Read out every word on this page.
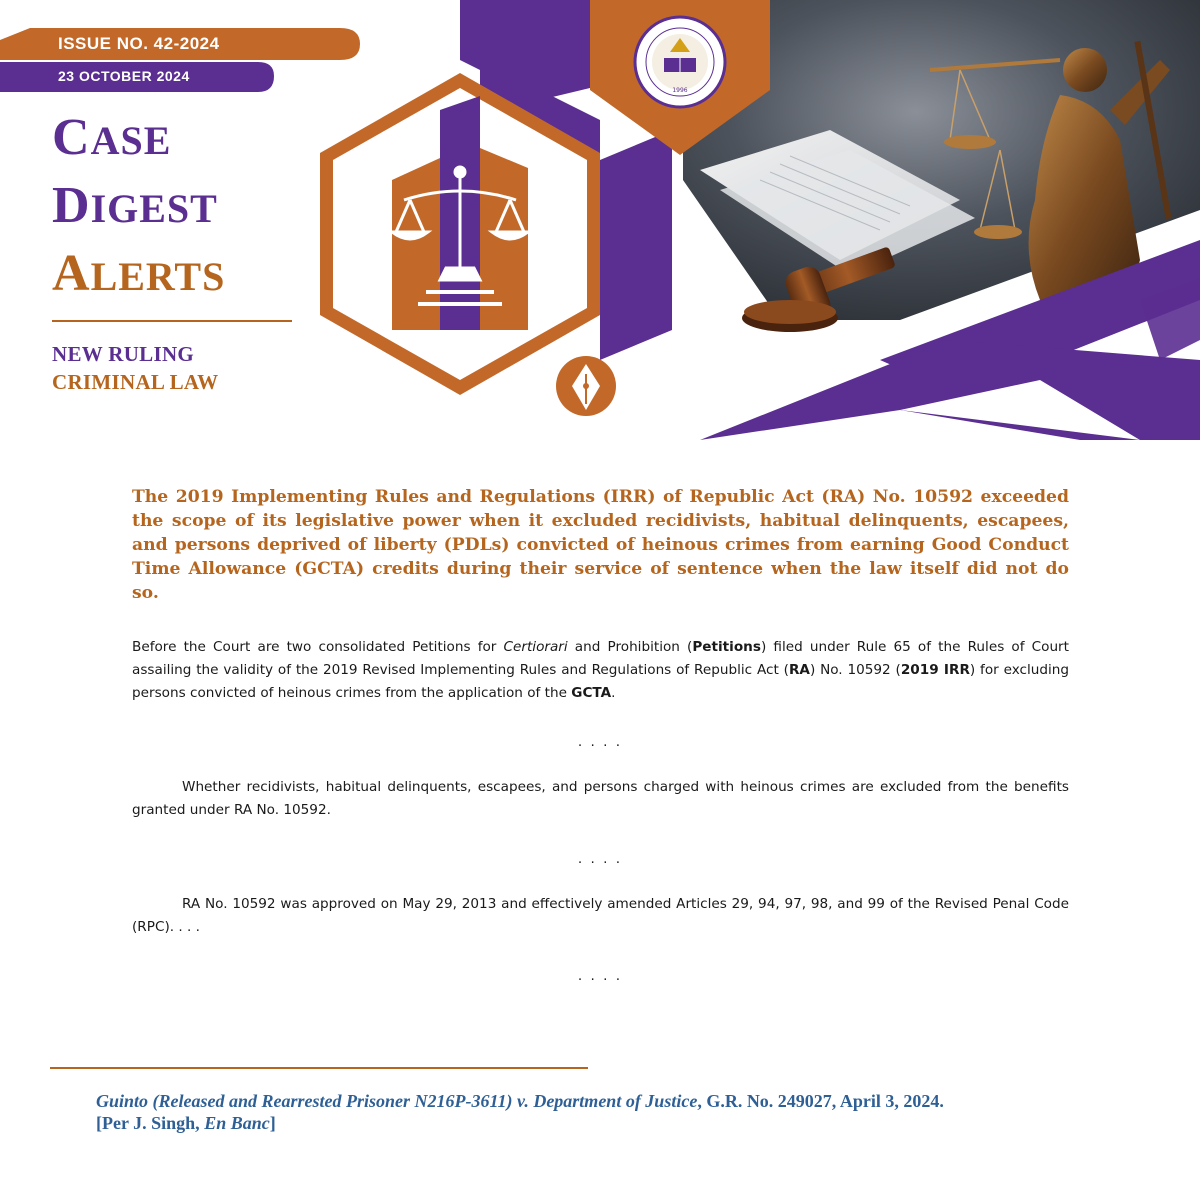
1996
ISSUE NO. 42-2024
23 OCTOBER 2024
CASE
DIGEST
ALERTS
NEW RULING
CRIMINAL LAW
The 2019 Implementing Rules and Regulations (IRR) of Republic Act (RA) No. 10592 exceeded the scope of its legislative power when it excluded recidivists, habitual delinquents, escapees, and persons deprived of liberty (PDLs) convicted of heinous crimes from earning Good Conduct Time Allowance (GCTA) credits during their service of sentence when the law itself did not do so.
Before the Court are two consolidated Petitions for Certiorari and Prohibition (Petitions) filed under Rule 65 of the Rules of Court assailing the validity of the 2019 Revised Implementing Rules and Regulations of Republic Act (RA) No. 10592 (2019 IRR) for excluding persons convicted of heinous crimes from the application of the GCTA.
. . . .
Whether recidivists, habitual delinquents, escapees, and persons charged with heinous crimes are excluded from the benefits granted under RA No. 10592.
. . . .
RA No. 10592 was approved on May 29, 2013 and effectively amended Articles 29, 94, 97, 98, and 99 of the Revised Penal Code (RPC). . . .
. . . .
Guinto (Released and Rearrested Prisoner N216P-3611) v. Department of Justice, G.R. No. 249027, April 3, 2024.
[Per J. Singh, En Banc]
